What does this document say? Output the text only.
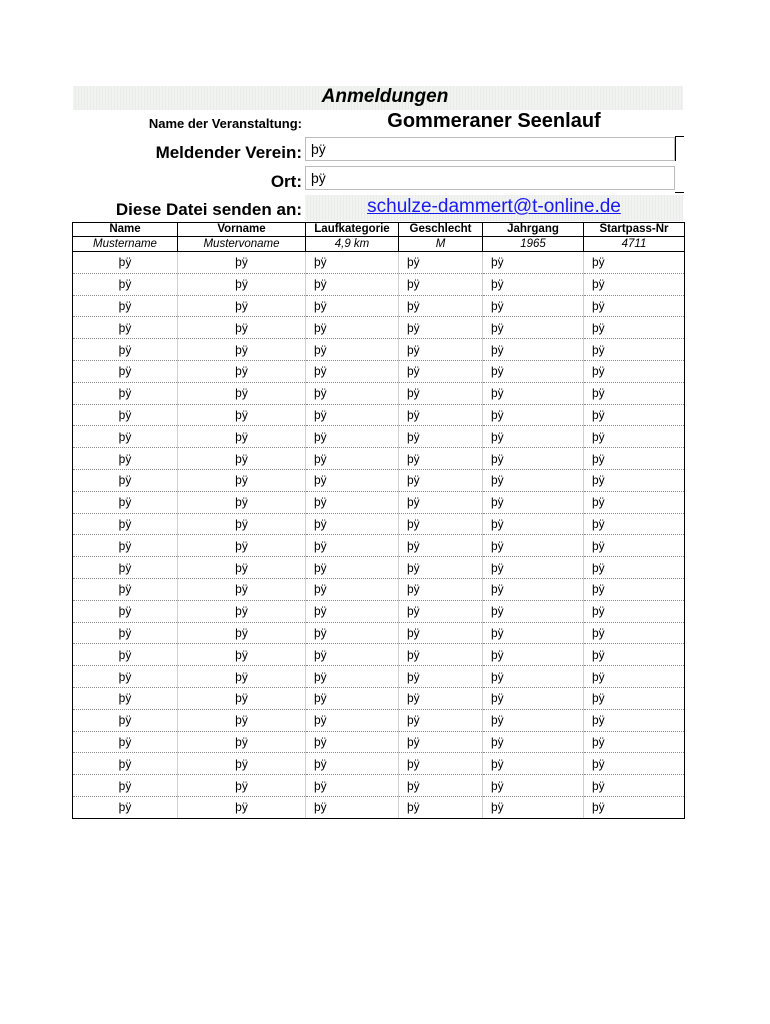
Anmeldungen
Name der Veranstaltung:	Gommeraner Seenlauf
Meldender Verein: þÿ
Ort: þÿ
Diese Datei senden an:	schulze-dammert@t-online.de
Name	Vorname	Laufkategorie	Geschlecht	Jahrgang	Startpass-Nr
Mustername	Mustervoname	4,9 km	M	1965	4711
þÿ	þÿ	þÿ	þÿ	þÿ	þÿ
þÿ	þÿ	þÿ	þÿ	þÿ	þÿ
þÿ	þÿ	þÿ	þÿ	þÿ	þÿ
þÿ	þÿ	þÿ	þÿ	þÿ	þÿ
þÿ	þÿ	þÿ	þÿ	þÿ	þÿ
þÿ	þÿ	þÿ	þÿ	þÿ	þÿ
þÿ	þÿ	þÿ	þÿ	þÿ	þÿ
þÿ	þÿ	þÿ	þÿ	þÿ	þÿ
þÿ	þÿ	þÿ	þÿ	þÿ	þÿ
þÿ	þÿ	þÿ	þÿ	þÿ	þÿ
þÿ	þÿ	þÿ	þÿ	þÿ	þÿ
þÿ	þÿ	þÿ	þÿ	þÿ	þÿ
þÿ	þÿ	þÿ	þÿ	þÿ	þÿ
þÿ	þÿ	þÿ	þÿ	þÿ	þÿ
þÿ	þÿ	þÿ	þÿ	þÿ	þÿ
þÿ	þÿ	þÿ	þÿ	þÿ	þÿ
þÿ	þÿ	þÿ	þÿ	þÿ	þÿ
þÿ	þÿ	þÿ	þÿ	þÿ	þÿ
þÿ	þÿ	þÿ	þÿ	þÿ	þÿ
þÿ	þÿ	þÿ	þÿ	þÿ	þÿ
þÿ	þÿ	þÿ	þÿ	þÿ	þÿ
þÿ	þÿ	þÿ	þÿ	þÿ	þÿ
þÿ	þÿ	þÿ	þÿ	þÿ	þÿ
þÿ	þÿ	þÿ	þÿ	þÿ	þÿ
þÿ	þÿ	þÿ	þÿ	þÿ	þÿ
þÿ	þÿ	þÿ	þÿ	þÿ	þÿ
